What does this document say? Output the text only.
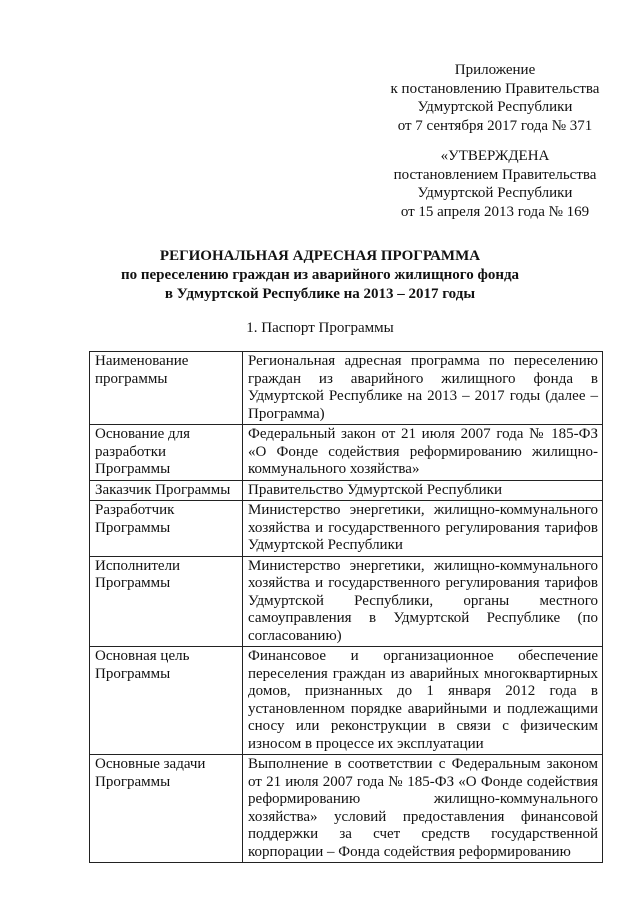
Приложение
к постановлению Правительства
Удмуртской Республики
от 7 сентября 2017 года № 371
«УТВЕРЖДЕНА
постановлением Правительства
Удмуртской Республики
от 15 апреля 2013 года № 169
РЕГИОНАЛЬНАЯ АДРЕСНАЯ ПРОГРАММА
по переселению граждан из аварийного жилищного фонда
в Удмуртской Республике на 2013 – 2017 годы
1. Паспорт Программы
Наименование программы	Региональная адресная программа по переселению граждан из аварийного жилищного фонда в Удмуртской Республике на 2013 – 2017 годы (далее – Программа)
Основание для разработки Программы	Федеральный закон от 21 июля 2007 года № 185-ФЗ «О Фонде содействия реформированию жилищно-коммунального хозяйства»
Заказчик Программы	Правительство Удмуртской Республики
Разработчик Программы	Министерство энергетики, жилищно-коммунального хозяйства и государственного регулирования тарифов Удмуртской Республики
Исполнители Программы	Министерство энергетики, жилищно-коммунального хозяйства и государственного регулирования тарифов Удмуртской Республики, органы местного самоуправления в Удмуртской Республике (по согласованию)
Основная цель Программы	Финансовое и организационное обеспечение переселения граждан из аварийных многоквартирных домов, признанных до 1 января 2012 года в установленном порядке аварийными и подлежащими сносу или реконструкции в связи с физическим износом в процессе их эксплуатации
Основные задачи Программы	Выполнение в соответствии с Федеральным законом от 21 июля 2007 года № 185-ФЗ «О Фонде содействия реформированию жилищно-коммунального хозяйства» условий предоставления финансовой поддержки за счет средств государственной корпорации – Фонда содействия реформированию
